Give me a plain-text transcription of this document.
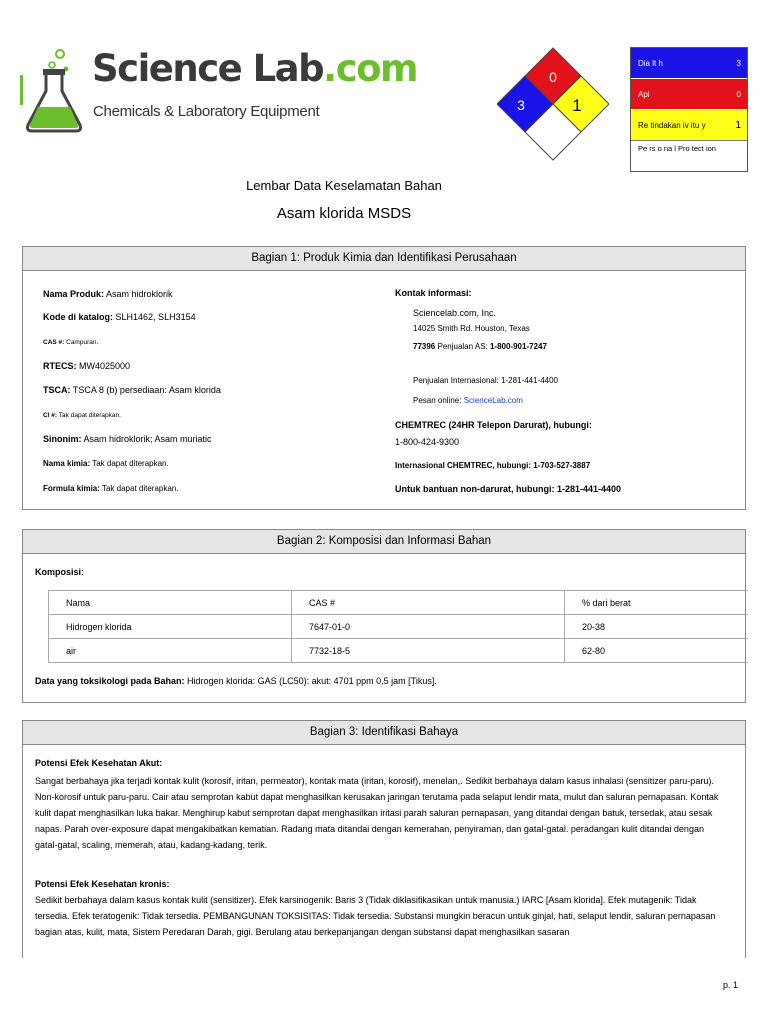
Science Lab.com
Chemicals & Laboratory Equipment
0
3	1
Dia lt h	3
Api	0
Re tindakan iv itu y	1
Pe rs o na l Pro tect ion
Lembar Data Keselamatan Bahan
Asam klorida MSDS
Bagian 1: Produk Kimia dan Identifikasi Perusahaan
Nama Produk: Asam hidroklorik
Kode di katalog: SLH1462, SLH3154
CAS #: Campuran.
RTECS: MW4025000
TSCA: TSCA 8 (b) persediaan: Asam klorida
CI #: Tak dapat diterapkan.
Sinonim: Asam hidroklorik; Asam muriatic
Nama kimia: Tak dapat diterapkan.
Formula kimia: Tak dapat diterapkan.
Kontak informasi:
Sciencelab.com, Inc.
14025 Smith Rd. Houston, Texas
77396 Penjualan AS: 1-800-901-7247
Penjualan Internasional: 1-281-441-4400
Pesan online: ScienceLab.com
CHEMTREC (24HR Telepon Darurat), hubungi:
1-800-424-9300
Internasional CHEMTREC, hubungi: 1-703-527-3887
Untuk bantuan non-darurat, hubungi: 1-281-441-4400
Bagian 2: Komposisi dan Informasi Bahan
Komposisi:
Nama	CAS #	% dari berat
Hidrogen klorida	7647-01-0	20-38
air	7732-18-5	62-80
Data yang toksikologi pada Bahan: Hidrogen klorida: GAS (LC50): akut: 4701 ppm 0,5 jam [Tikus].
Bagian 3: Identifikasi Bahaya
Potensi Efek Kesehatan Akut:
Sangat berbahaya jika terjadi kontak kulit (korosif, iritan, permeator), kontak mata (iritan, korosif), menelan,. Sedikit berbahaya dalam kasus inhalasi (sensitizer paru-paru). Non-korosif untuk paru-paru. Cair atau semprotan kabut dapat menghasilkan kerusakan jaringan terutama pada selaput lendir mata, mulut dan saluran pernapasan. Kontak kulit dapat menghasilkan luka bakar. Menghirup kabut semprotan dapat menghasilkan iritasi parah saluran pernapasan, yang ditandai dengan batuk, tersedak, atau sesak napas. Parah over-exposure dapat mengakibatkan kematian. Radang mata ditandai dengan kemerahan, penyiraman, dan gatal-gatal. peradangan kulit ditandai dengan gatal-gatal, scaling, memerah, atau, kadang-kadang, terik.
Potensi Efek Kesehatan kronis:
Sedikit berbahaya dalam kasus kontak kulit (sensitizer). Efek karsinogenik: Baris 3 (Tidak diklasifikasikan untuk manusia.) IARC [Asam klorida]. Efek mutagenik: Tidak tersedia. Efek teratogenik: Tidak tersedia. PEMBANGUNAN TOKSISITAS: Tidak tersedia. Substansi mungkin beracun untuk ginjal, hati, selaput lendir, saluran pernapasan bagian atas, kulit, mata, Sistem Peredaran Darah, gigi. Berulang atau berkepanjangan dengan substansi dapat menghasilkan sasaran
p. 1
